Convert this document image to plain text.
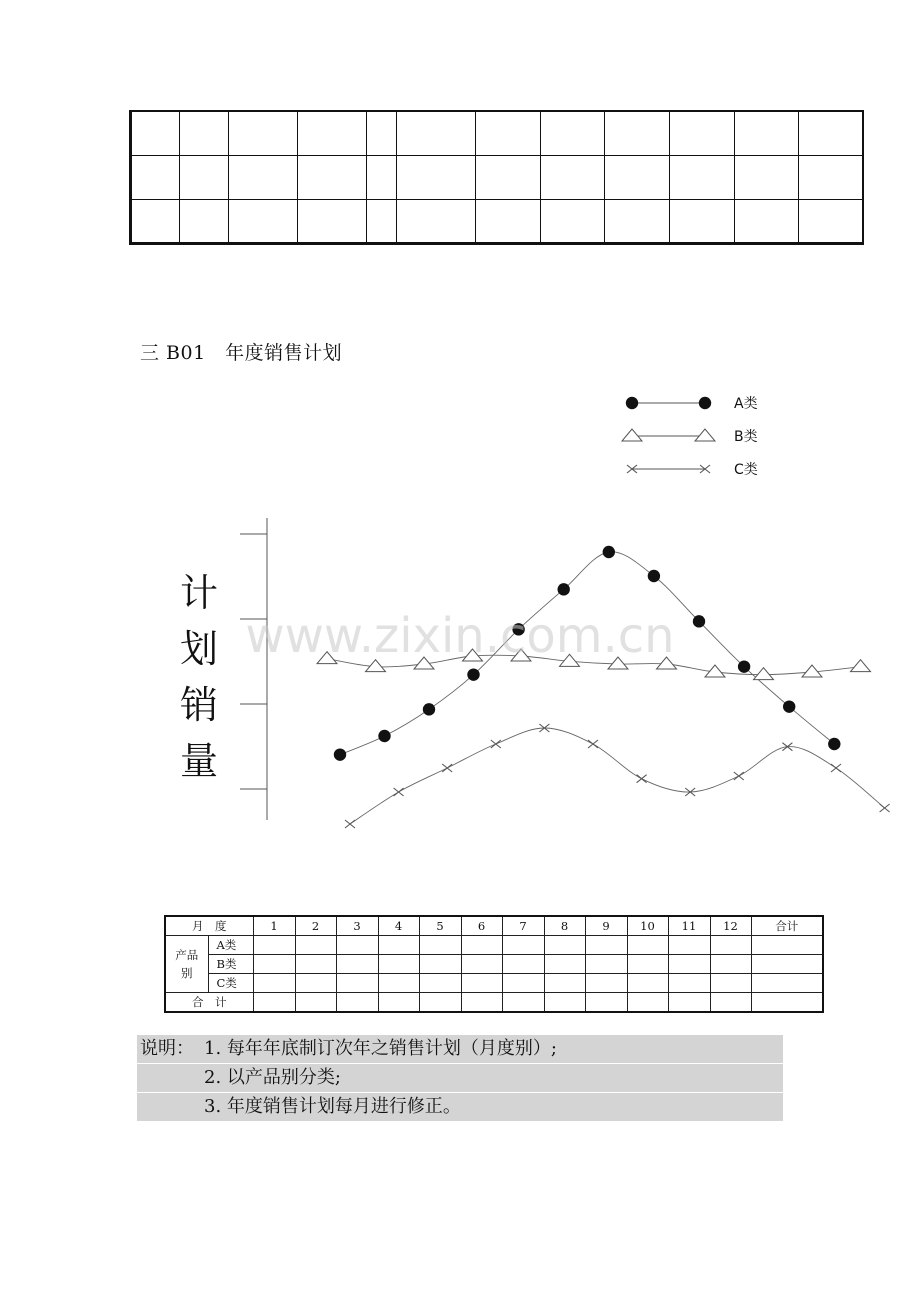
三 B01　年度销售计划
A类
B类
C类
www.zixin.com.cn
计
划
销
量
月　度		1	2	3	4	5	6	7	8	9	10	11	12	合计
产品别	A类													
	B类													
	C类													
合　计														
说明： 1. 每年年底制订次年之销售计划（月度别）;
2. 以产品别分类;
3. 年度销售计划每月进行修正。
